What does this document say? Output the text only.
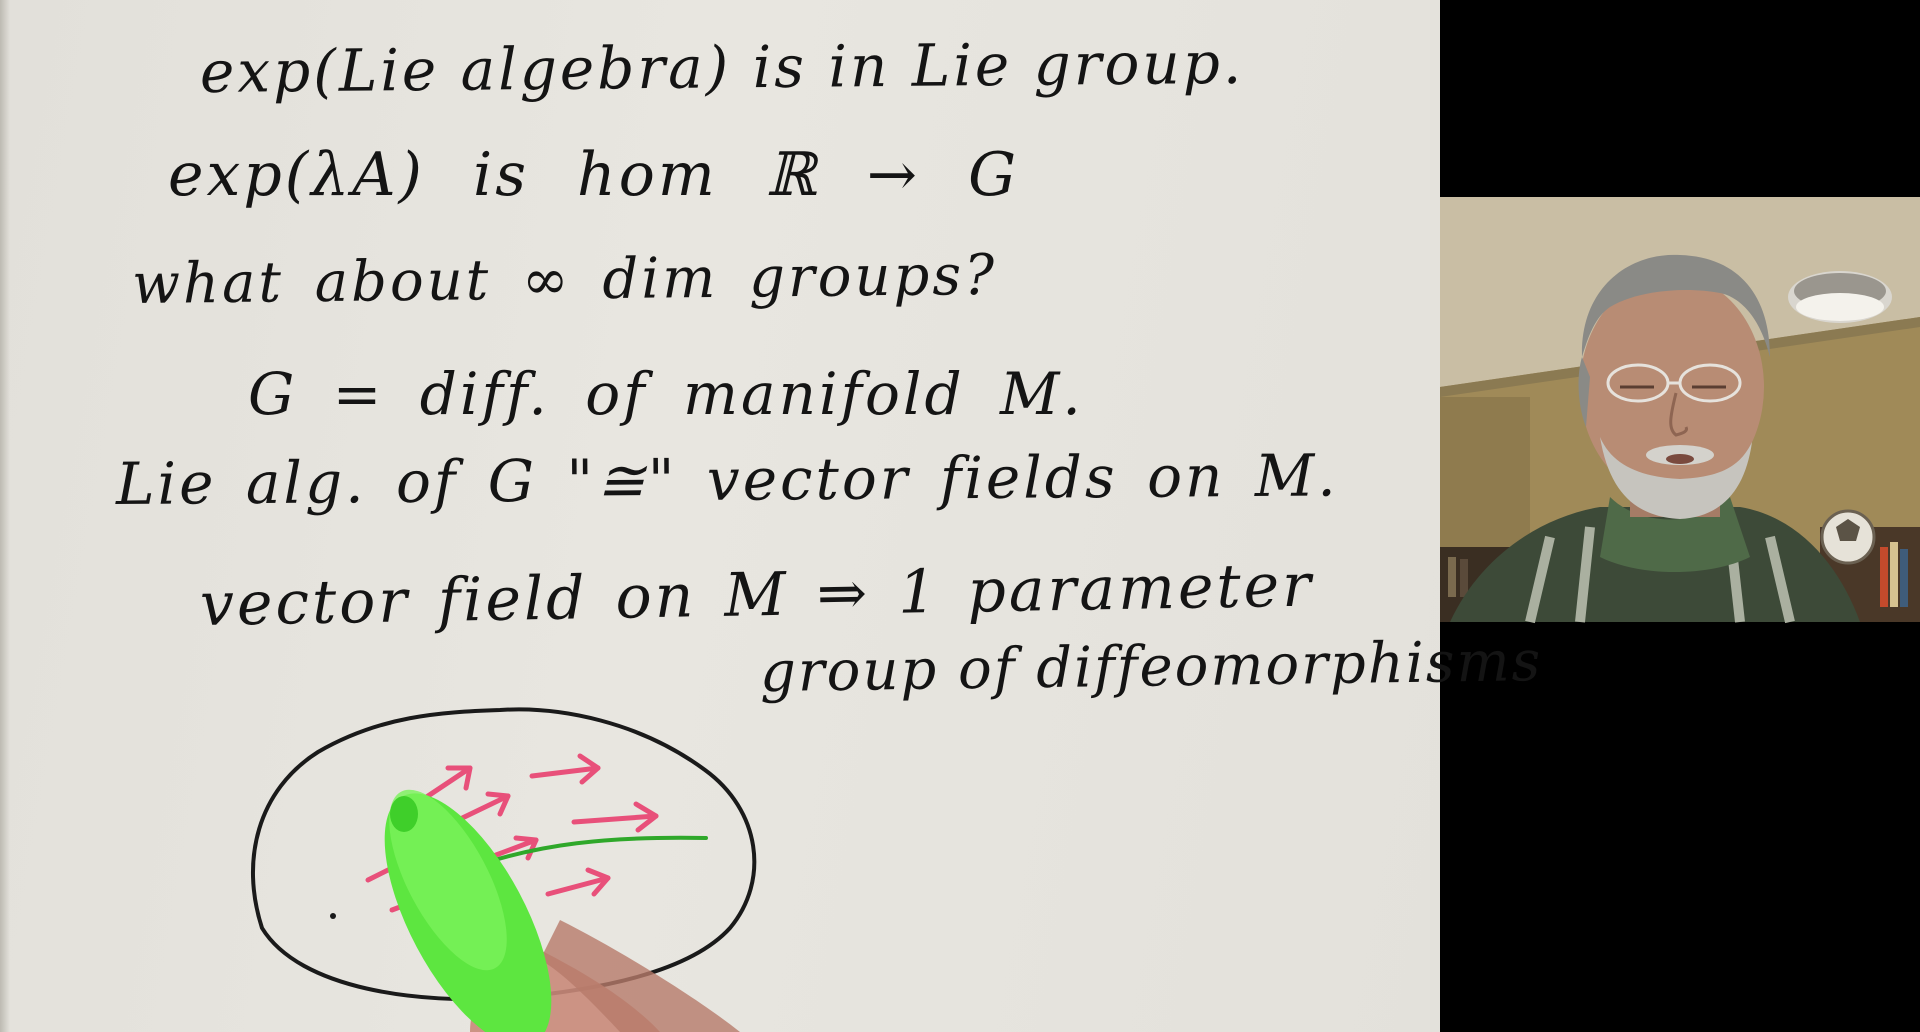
exp(Lie algebra) is in Lie group.

exp(λA) is hom ℝ → G

what about ∞ dim groups?

G = diff. of manifold M.

Lie alg. of G "≅" vector fields on M.

vector field on M ⇒ 1 parameter

group of diffeomorphisms
